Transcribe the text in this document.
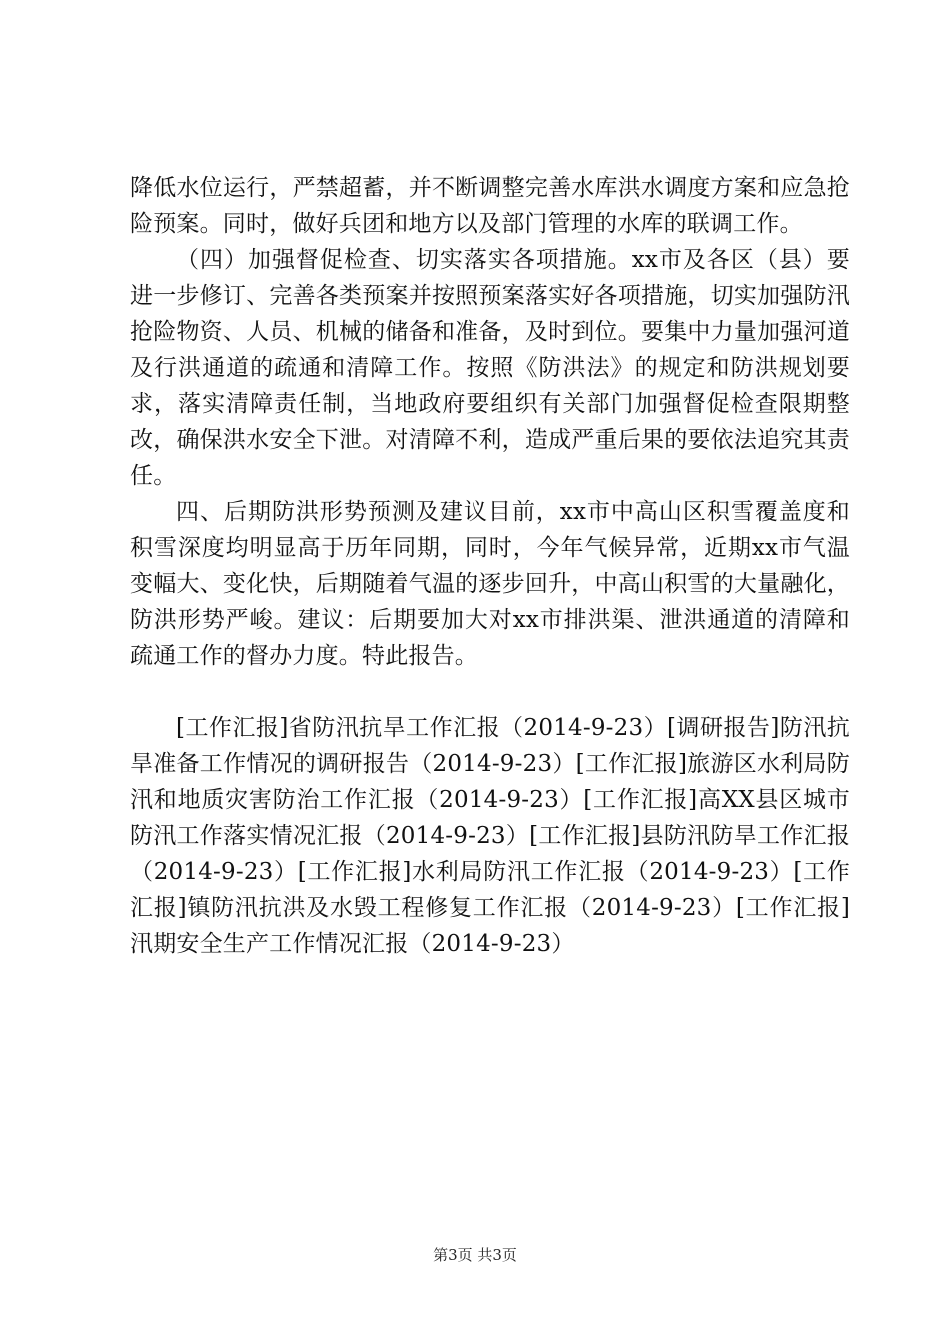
降低水位运行，严禁超蓄，并不断调整完善水库洪水调度方案和应急抢险预案。同时，做好兵团和地方以及部门管理的水库的联调工作。

（四）加强督促检查、切实落实各项措施。xx市及各区（县）要进一步修订、完善各类预案并按照预案落实好各项措施，切实加强防汛抢险物资、人员、机械的储备和准备，及时到位。要集中力量加强河道及行洪通道的疏通和清障工作。按照《防洪法》的规定和防洪规划要求，落实清障责任制，当地政府要组织有关部门加强督促检查限期整改，确保洪水安全下泄。对清障不利，造成严重后果的要依法追究其责任。

四、后期防洪形势预测及建议目前，xx市中高山区积雪覆盖度和积雪深度均明显高于历年同期，同时，今年气候异常，近期xx市气温变幅大、变化快，后期随着气温的逐步回升，中高山积雪的大量融化，防洪形势严峻。建议：后期要加大对xx市排洪渠、泄洪通道的清障和疏通工作的督办力度。特此报告。

[工作汇报]省防汛抗旱工作汇报（2014-9-23）[调研报告]防汛抗旱准备工作情况的调研报告（2014-9-23）[工作汇报]旅游区水利局防汛和地质灾害防治工作汇报（2014-9-23）[工作汇报]高XX县区城市防汛工作落实情况汇报（2014-9-23）[工作汇报]县防汛防旱工作汇报（2014-9-23）[工作汇报]水利局防汛工作汇报（2014-9-23）[工作汇报]镇防汛抗洪及水毁工程修复工作汇报（2014-9-23）[工作汇报]汛期安全生产工作情况汇报（2014-9-23）

第3页 共3页
